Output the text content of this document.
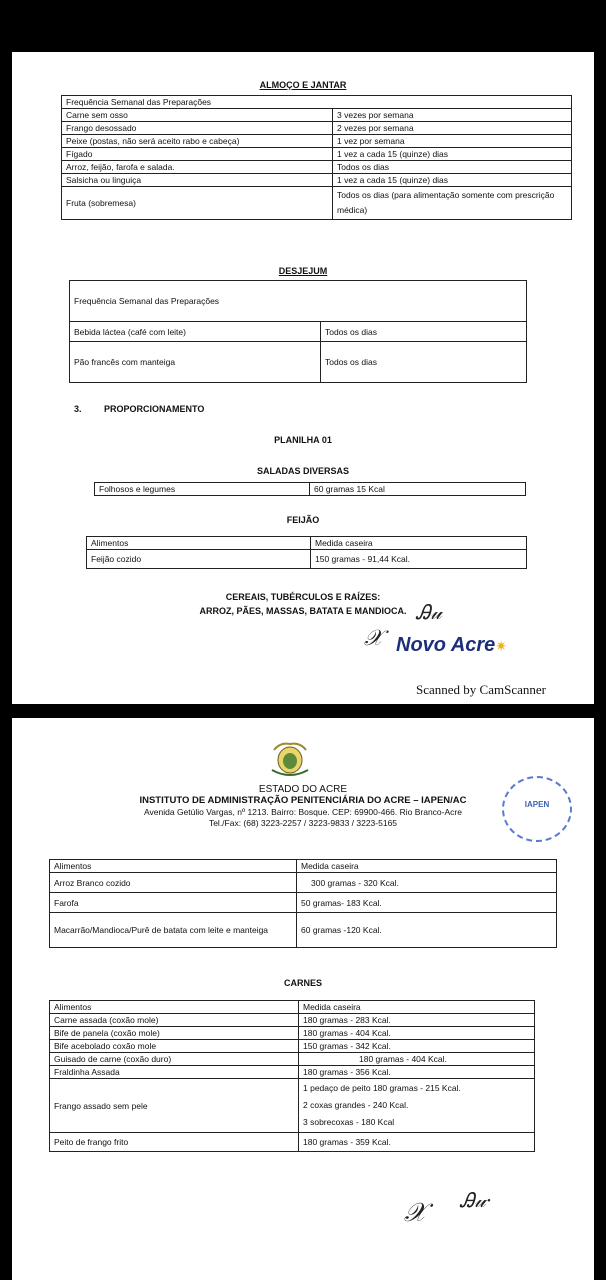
ALMOÇO E JANTAR
Frequência Semanal das Preparações	
Carne sem osso	3 vezes por semana
Frango desossado	2 vezes por semana
Peixe (postas, não será aceito rabo e cabeça)	1 vez por semana
Fígado	1 vez a cada 15 (quinze) dias
Arroz, feijão, farofa e salada.	Todos os dias
Salsicha ou linguiça	1 vez a cada 15 (quinze) dias
Fruta (sobremesa)	Todos os dias (para alimentação somente com prescrição médica)
DESJEJUM
Frequência Semanal das Preparações	
Bebida láctea (café com leite)	Todos os dias
Pão francês com manteiga	Todos os dias
3. PROPORCIONAMENTO
PLANILHA 01
SALADAS DIVERSAS
Folhosos e legumes	60 gramas 15 Kcal
FEIJÃO
Alimentos	Medida caseira
Feijão cozido	150 gramas - 91,44 Kcal.
CEREAIS, TUBÉRCULOS E RAÍZES:
ARROZ, PÃES, MASSAS, BATATA E MANDIOCA. Ꭿ𝓊
𝒳 Novo Acre✷
Scanned by CamScanner
ESTADO DO ACRE
INSTITUTO DE ADMINISTRAÇÃO PENITENCIÁRIA DO ACRE – IAPEN/AC
Avenida Getúlio Vargas, nº 1213. Bairro: Bosque. CEP: 69900-466. Rio Branco-Acre
Tel./Fax: (68) 3223-2257 / 3223-9833 / 3223-5165
IAPEN
Alimentos	Medida caseira
Arroz Branco cozido	300 gramas - 320 Kcal.
Farofa	50 gramas- 183 Kcal.
Macarrão/Mandioca/Purê de batata com leite e manteiga	60 gramas -120 Kcal.
CARNES
Alimentos	Medida caseira
Carne assada (coxão mole)	180 gramas - 283 Kcal.
Bife de panela (coxão mole)	180 gramas - 404 Kcal.
Bife acebolado coxão mole	150 gramas - 342 Kcal.
Guisado de carne (coxão duro)	180 gramas - 404 Kcal.
Fraldinha Assada	180 gramas - 356 Kcal.
Frango assado sem pele	1 pedaço de peito 180 gramas - 215 Kcal.
2 coxas grandes - 240 Kcal.
3 sobrecoxas - 180 Kcal

Peito de frango frito	180 gramas - 359 Kcal.
𝒳 Ꭿ𝓊·
